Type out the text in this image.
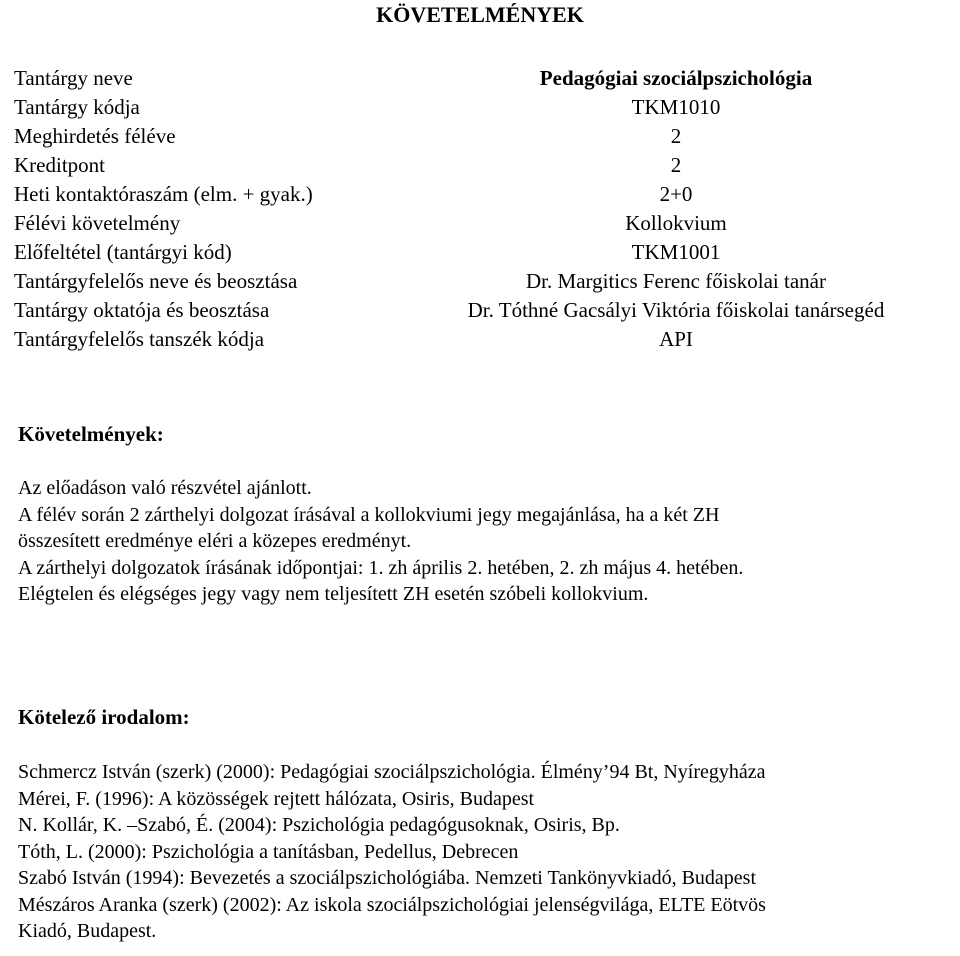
KÖVETELMÉNYEK
Tantárgy neve	Pedagógiai szociálpszichológia
Tantárgy kódja	TKM1010
Meghirdetés féléve	2
Kreditpont	2
Heti kontaktóraszám (elm. + gyak.)	2+0
Félévi követelmény	Kollokvium
Előfeltétel (tantárgyi kód)	TKM1001
Tantárgyfelelős neve és beosztása	Dr. Margitics Ferenc főiskolai tanár
Tantárgy oktatója és beosztása	Dr. Tóthné Gacsályi Viktória főiskolai tanársegéd
Tantárgyfelelős tanszék kódja	API
Követelmények:
Az előadáson való részvétel ajánlott.
A félév során 2 zárthelyi dolgozat írásával a kollokviumi jegy megajánlása, ha a két ZH
összesített eredménye eléri a közepes eredményt.
A zárthelyi dolgozatok írásának időpontjai: 1. zh április 2. hetében, 2. zh május 4. hetében.
Elégtelen és elégséges jegy vagy nem teljesített ZH esetén szóbeli kollokvium.
Kötelező irodalom:
Schmercz István (szerk) (2000): Pedagógiai szociálpszichológia. Élmény’94 Bt, Nyíregyháza
Mérei, F. (1996): A közösségek rejtett hálózata, Osiris, Budapest
N. Kollár, K. –Szabó, É. (2004): Pszichológia pedagógusoknak, Osiris, Bp.
Tóth, L. (2000): Pszichológia a tanításban, Pedellus, Debrecen
Szabó István (1994): Bevezetés a szociálpszichológiába. Nemzeti Tankönyvkiadó, Budapest
Mészáros Aranka (szerk) (2002): Az iskola szociálpszichológiai jelenségvilága, ELTE Eötvös
Kiadó, Budapest.
